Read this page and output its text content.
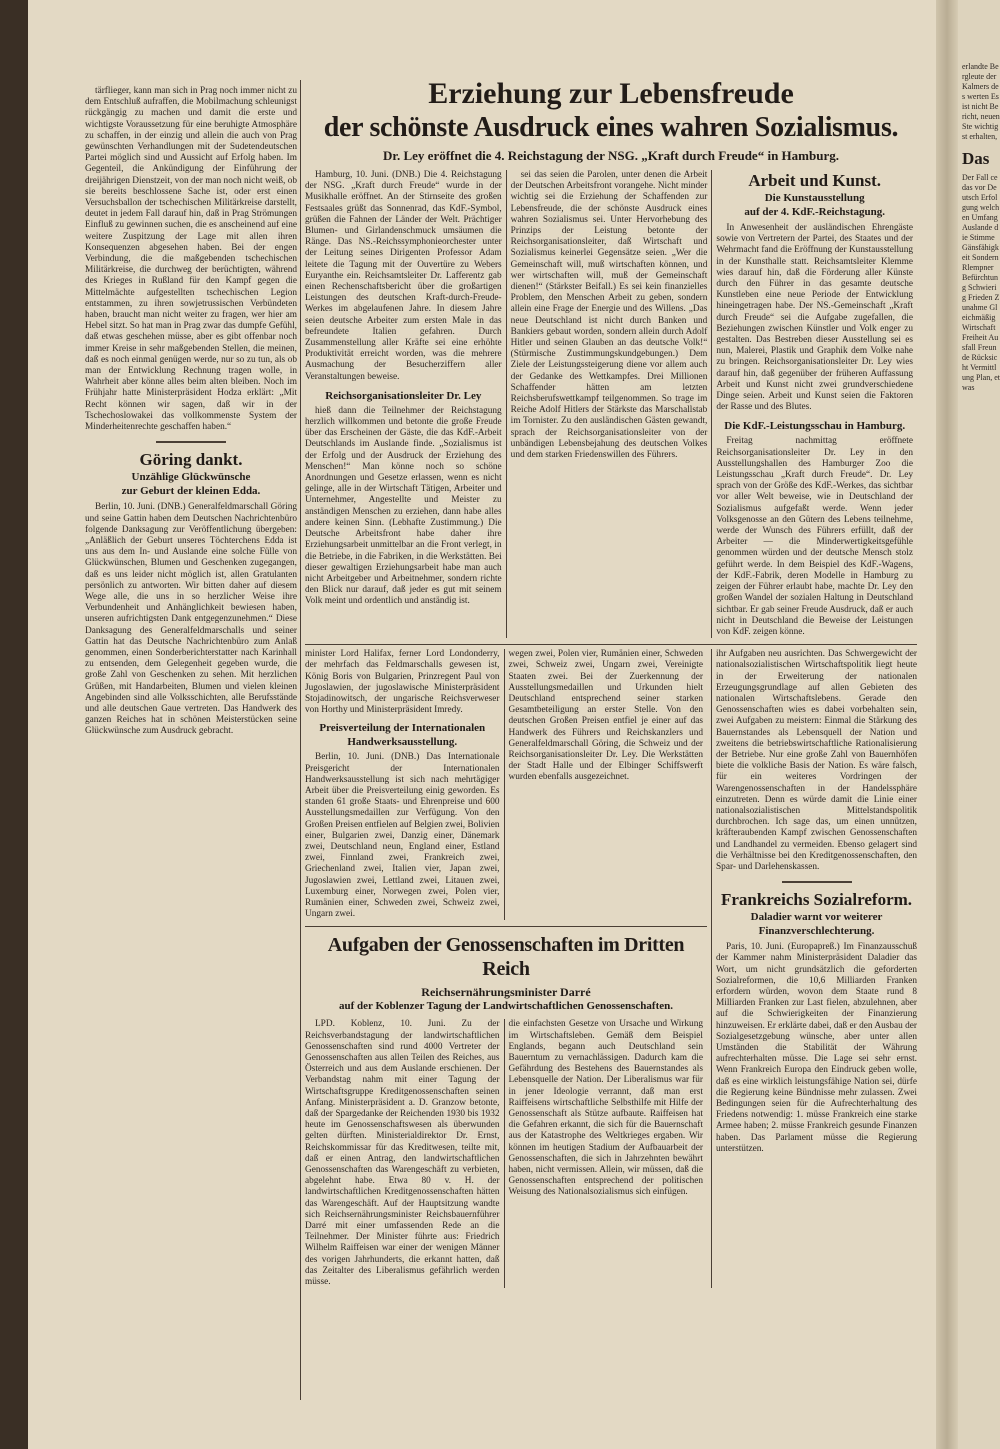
erlandte Bergleute der Kalmers des werten Es ist nicht Bericht, neuen Ste wichtigst erhalten,

Das

Der Fall ce das vor Deutsch Erfolgung welchen Umfang Auslande die Stimme Gänsfähigkeit Sondern Rlempner Befürchtung Schwierig Frieden Zunahme Gleichmäßig Wirtschaft Freiheit Ausfall Freunde Rücksicht Vermittlung Plan, etwas

tärflieger, kann man sich in Prag noch immer nicht zu dem Entschluß aufraffen, die Mobilmachung schleunigst rückgängig zu machen und damit die erste und wichtigste Voraussetzung für eine beruhigte Atmosphäre zu schaffen, in der einzig und allein die auch von Prag gewünschten Verhandlungen mit der Sudetendeutschen Partei möglich sind und Aussicht auf Erfolg haben. Im Gegenteil, die Ankündigung der Einführung der dreijährigen Dienstzeit, von der man noch nicht weiß, ob sie bereits beschlossene Sache ist, oder erst einen Versuchsballon der tschechischen Militärkreise darstellt, deutet in jedem Fall darauf hin, daß in Prag Strömungen Einfluß zu gewinnen suchen, die es anscheinend auf eine weitere Zuspitzung der Lage mit allen ihren Konsequenzen abgesehen haben. Bei der engen Verbindung, die die maßgebenden tschechischen Militärkreise, die durchweg der berüchtigten, während des Krieges in Rußland für den Kampf gegen die Mittelmächte aufgestellten tschechischen Legion entstammen, zu ihren sowjetrussischen Verbündeten haben, braucht man nicht weiter zu fragen, wer hier am Hebel sitzt. So hat man in Prag zwar das dumpfe Gefühl, daß etwas geschehen müsse, aber es gibt offenbar noch immer Kreise in sehr maßgebenden Stellen, die meinen, daß es noch einmal genügen werde, nur so zu tun, als ob man der Entwicklung Rechnung tragen wolle, in Wahrheit aber könne alles beim alten bleiben. Noch im Frühjahr hatte Ministerpräsident Hodza erklärt: „Mit Recht können wir sagen, daß wir in der Tschechoslowakei das vollkommenste System der Minderheitenrechte geschaffen haben.“

Göring dankt.
Unzählige Glückwünsche
zur Geburt der kleinen Edda.

Berlin, 10. Juni. (DNB.) Generalfeldmarschall Göring und seine Gattin haben dem Deutschen Nachrichtenbüro folgende Danksagung zur Veröffentlichung übergeben: „Anläßlich der Geburt unseres Töchterchens Edda ist uns aus dem In- und Auslande eine solche Fülle von Glückwünschen, Blumen und Geschenken zugegangen, daß es uns leider nicht möglich ist, allen Gratulanten persönlich zu antworten. Wir bitten daher auf diesem Wege alle, die uns in so herzlicher Weise ihre Verbundenheit und Anhänglichkeit bewiesen haben, unseren aufrichtigsten Dank entgegenzunehmen.“ Diese Danksagung des Generalfeldmarschalls und seiner Gattin hat das Deutsche Nachrichtenbüro zum Anlaß genommen, einen Sonderberichterstatter nach Karinhall zu entsenden, dem Gelegenheit gegeben wurde, die große Zahl von Geschenken zu sehen. Mit herzlichen Grüßen, mit Handarbeiten, Blumen und vielen kleinen Angebinden sind alle Volksschichten, alle Berufsstände und alle deutschen Gaue vertreten. Das Handwerk des ganzen Reiches hat in schönen Meisterstücken seine Glückwünsche zum Ausdruck gebracht.

Erziehung zur Lebensfreude
der schönste Ausdruck eines wahren Sozialismus.
Dr. Ley eröffnet die 4. Reichstagung der NSG. „Kraft durch Freude“ in Hamburg.

Hamburg, 10. Juni. (DNB.) Die 4. Reichstagung der NSG. „Kraft durch Freude“ wurde in der Musikhalle eröffnet. An der Stirnseite des großen Festsaales grüßt das Sonnenrad, das KdF.-Symbol, grüßen die Fahnen der Länder der Welt. Prächtiger Blumen- und Girlandenschmuck umsäumen die Ränge. Das NS.-Reichssymphonieorchester unter der Leitung seines Dirigenten Professor Adam leitete die Tagung mit der Ouvertüre zu Webers Euryanthe ein. Reichsamtsleiter Dr. Lafferentz gab einen Rechenschaftsbericht über die großartigen Leistungen des deutschen Kraft-durch-Freude-Werkes im abgelaufenen Jahre. In diesem Jahre seien deutsche Arbeiter zum ersten Male in das befreundete Italien gefahren. Durch Zusammenstellung aller Kräfte sei eine erhöhte Produktivität erreicht worden, was die mehrere Ausmachung der Besucherziffern aller Veranstaltungen beweise.

Reichsorganisationsleiter Dr. Ley

hieß dann die Teilnehmer der Reichstagung herzlich willkommen und betonte die große Freude über das Erscheinen der Gäste, die das KdF.-Arbeit Deutschlands im Auslande finde. „Sozialismus ist der Erfolg und der Ausdruck der Erziehung des Menschen!“ Man könne noch so schöne Anordnungen und Gesetze erlassen, wenn es nicht gelinge, alle in der Wirtschaft Tätigen, Arbeiter und Unternehmer, Angestellte und Meister zu anständigen Menschen zu erziehen, dann habe alles andere keinen Sinn. (Lebhafte Zustimmung.) Die Deutsche Arbeitsfront habe daher ihre Erziehungsarbeit unmittelbar an die Front verlegt, in die Betriebe, in die Fabriken, in die Werkstätten. Bei dieser gewaltigen Erziehungsarbeit habe man auch nicht Arbeitgeber und Arbeitnehmer, sondern richte den Blick nur darauf, daß jeder es gut mit seinem Volk meint und ordentlich und anständig ist.

sei das seien die Parolen, unter denen die Arbeit der Deutschen Arbeitsfront vorangehe. Nicht minder wichtig sei die Erziehung der Schaffenden zur Lebensfreude, die der schönste Ausdruck eines wahren Sozialismus sei. Unter Hervorhebung des Prinzips der Leistung betonte der Reichsorganisationsleiter, daß Wirtschaft und Sozialismus keinerlei Gegensätze seien. „Wer die Gemeinschaft will, muß wirtschaften können, und wer wirtschaften will, muß der Gemeinschaft dienen!“ (Stärkster Beifall.) Es sei kein finanzielles Problem, den Menschen Arbeit zu geben, sondern allein eine Frage der Energie und des Willens. „Das neue Deutschland ist nicht durch Banken und Bankiers gebaut worden, sondern allein durch Adolf Hitler und seinen Glauben an das deutsche Volk!“ (Stürmische Zustimmungskundgebungen.) Dem Ziele der Leistungssteigerung diene vor allem auch der Gedanke des Wettkampfes. Drei Millionen Schaffender hätten am letzten Reichsberufswettkampf teilgenommen. So trage im Reiche Adolf Hitlers der Stärkste das Marschallstab im Tornister. Zu den ausländischen Gästen gewandt, sprach der Reichsorganisationsleiter von der unbändigen Lebensbejahung des deutschen Volkes und dem starken Friedenswillen des Führers.

Arbeit und Kunst.
Die Kunstausstellung
auf der 4. KdF.-Reichstagung.

In Anwesenheit der ausländischen Ehrengäste sowie von Vertretern der Partei, des Staates und der Wehrmacht fand die Eröffnung der Kunstausstellung in der Kunsthalle statt. Reichsamtsleiter Klemme wies darauf hin, daß die Förderung aller Künste durch den Führer in das gesamte deutsche Kunstleben eine neue Periode der Entwicklung hineingetragen habe. Der NS.-Gemeinschaft „Kraft durch Freude“ sei die Aufgabe zugefallen, die Beziehungen zwischen Künstler und Volk enger zu gestalten. Das Bestreben dieser Ausstellung sei es nun, Malerei, Plastik und Graphik dem Volke nahe zu bringen. Reichsorganisationsleiter Dr. Ley wies darauf hin, daß gegenüber der früheren Auffassung Arbeit und Kunst nicht zwei grundverschiedene Dinge seien. Arbeit und Kunst seien die Faktoren der Rasse und des Blutes.

Die KdF.-Leistungsschau in Hamburg.

Freitag nachmittag eröffnete Reichsorganisationsleiter Dr. Ley in den Ausstellungshallen des Hamburger Zoo die Leistungsschau „Kraft durch Freude“. Dr. Ley sprach von der Größe des KdF.-Werkes, das sichtbar vor aller Welt beweise, wie in Deutschland der Sozialismus aufgefaßt werde. Wenn jeder Volksgenosse an den Gütern des Lebens teilnehme, werde der Wunsch des Führers erfüllt, daß der Arbeiter — die Minderwertigkeitsgefühle genommen würden und der deutsche Mensch stolz geführt werde. In dem Beispiel des KdF.-Wagens, der KdF.-Fabrik, deren Modelle in Hamburg zu zeigen der Führer erlaubt habe, machte Dr. Ley den großen Wandel der sozialen Haltung in Deutschland sichtbar. Er gab seiner Freude Ausdruck, daß er auch nicht in Deutschland die Beweise der Leistungen von KdF. zeigen könne.

minister Lord Halifax, ferner Lord Londonderry, der mehrfach das Feldmarschalls gewesen ist, König Boris von Bulgarien, Prinzregent Paul von Jugoslawien, der jugoslawische Ministerpräsident Stojadinowitsch, der ungarische Reichsverweser von Horthy und Ministerpräsident Imredy.

Preisverteilung der Internationalen
Handwerksausstellung.

Berlin, 10. Juni. (DNB.) Das Internationale Preisgericht der Internationalen Handwerksausstellung ist sich nach mehrtägiger Arbeit über die Preisverteilung einig geworden. Es standen 61 große Staats- und Ehrenpreise und 600 Ausstellungsmedaillen zur Verfügung. Von den Großen Preisen entfielen auf Belgien zwei, Bolivien einer, Bulgarien zwei, Danzig einer, Dänemark zwei, Deutschland neun, England einer, Estland zwei, Finnland zwei, Frankreich zwei, Griechenland zwei, Italien vier, Japan zwei, Jugoslawien zwei, Lettland zwei, Litauen zwei, Luxemburg einer, Norwegen zwei, Polen vier, Rumänien einer, Schweden zwei, Schweiz zwei, Ungarn zwei.

wegen zwei, Polen vier, Rumänien einer, Schweden zwei, Schweiz zwei, Ungarn zwei, Vereinigte Staaten zwei. Bei der Zuerkennung der Ausstellungsmedaillen und Urkunden hielt Deutschland entsprechend seiner starken Gesamtbeteiligung an erster Stelle. Von den deutschen Großen Preisen entfiel je einer auf das Handwerk des Führers und Reichskanzlers und Generalfeldmarschall Göring, die Schweiz und der Reichsorganisationsleiter Dr. Ley. Die Werkstätten der Stadt Halle und der Elbinger Schiffswerft wurden ebenfalls ausgezeichnet.

Aufgaben der Genossenschaften im Dritten Reich
Reichsernährungsminister Darré
auf der Koblenzer Tagung der Landwirtschaftlichen Genossenschaften.

LPD. Koblenz, 10. Juni. Zu der Reichsverbandstagung der landwirtschaftlichen Genossenschaften sind rund 4000 Vertreter der Genossenschaften aus allen Teilen des Reiches, aus Österreich und aus dem Auslande erschienen. Der Verbandstag nahm mit einer Tagung der Wirtschaftsgruppe Kreditgenossenschaften seinen Anfang. Ministerpräsident a. D. Granzow betonte, daß der Spargedanke der Reichenden 1930 bis 1932 heute im Genossenschaftswesen als überwunden gelten dürften. Ministerialdirektor Dr. Ernst, Reichskommissar für das Kreditwesen, teilte mit, daß er einen Antrag, den landwirtschaftlichen Genossenschaften das Warengeschäft zu verbieten, abgelehnt habe. Etwa 80 v. H. der landwirtschaftlichen Kreditgenossenschaften hätten das Warengeschäft. Auf der Hauptsitzung wandte sich Reichsernährungsminister Reichsbauernführer Darré mit einer umfassenden Rede an die Teilnehmer. Der Minister führte aus: Friedrich Wilhelm Raiffeisen war einer der wenigen Männer des vorigen Jahrhunderts, die erkannt hatten, daß das Zeitalter des Liberalismus gefährlich werden müsse.

die einfachsten Gesetze von Ursache und Wirkung im Wirtschaftsleben. Gemäß dem Beispiel Englands, begann auch Deutschland sein Bauerntum zu vernachlässigen. Dadurch kam die Gefährdung des Bestehens des Bauernstandes als Lebensquelle der Nation. Der Liberalismus war für in jener Ideologie verrannt, daß man erst Raiffeisens wirtschaftliche Selbsthilfe mit Hilfe der Genossenschaft als Stütze aufbaute. Raiffeisen hat die Gefahren erkannt, die sich für die Bauernschaft aus der Katastrophe des Weltkrieges ergaben. Wir können im heutigen Stadium der Aufbauarbeit der Genossenschaften, die sich in Jahrzehnten bewährt haben, nicht vermissen. Allein, wir müssen, daß die Genossenschaften entsprechend der politischen Weisung des Nationalsozialismus sich einfügen.

ihr Aufgaben neu ausrichten. Das Schwergewicht der nationalsozialistischen Wirtschaftspolitik liegt heute in der Erweiterung der nationalen Erzeugungsgrundlage auf allen Gebieten des nationalen Wirtschaftslebens. Gerade den Genossenschaften wies es dabei vorbehalten sein, zwei Aufgaben zu meistern: Einmal die Stärkung des Bauernstandes als Lebensquell der Nation und zweitens die betriebswirtschaftliche Rationalisierung der Betriebe. Nur eine große Zahl von Bauernhöfen biete die volkliche Basis der Nation. Es wäre falsch, für ein weiteres Vordringen der Warengenossenschaften in der Handelssphäre einzutreten. Denn es würde damit die Linie einer nationalsozialistischen Mittelstandspolitik durchbrochen. Ich sage das, um einen unnützen, kräfteraubenden Kampf zwischen Genossenschaften und Landhandel zu vermeiden. Ebenso gelagert sind die Verhältnisse bei den Kreditgenossenschaften, den Spar- und Darlehenskassen.

Frankreichs Sozialreform.
Daladier warnt vor weiterer Finanzverschlechterung.

Paris, 10. Juni. (Europapreß.) Im Finanzausschuß der Kammer nahm Ministerpräsident Daladier das Wort, um nicht grundsätzlich die geforderten Sozialreformen, die 10,6 Milliarden Franken erfordern würden, wovon dem Staate rund 8 Milliarden Franken zur Last fielen, abzulehnen, aber auf die Schwierigkeiten der Finanzierung hinzuweisen. Er erklärte dabei, daß er den Ausbau der Sozialgesetzgebung wünsche, aber unter allen Umständen die Stabilität der Währung aufrechterhalten müsse. Die Lage sei sehr ernst. Wenn Frankreich Europa den Eindruck geben wolle, daß es eine wirklich leistungsfähige Nation sei, dürfe die Regierung keine Bündnisse mehr zulassen. Zwei Bedingungen seien für die Aufrechterhaltung des Friedens notwendig: 1. müsse Frankreich eine starke Armee haben; 2. müsse Frankreich gesunde Finanzen haben. Das Parlament müsse die Regierung unterstützen.
